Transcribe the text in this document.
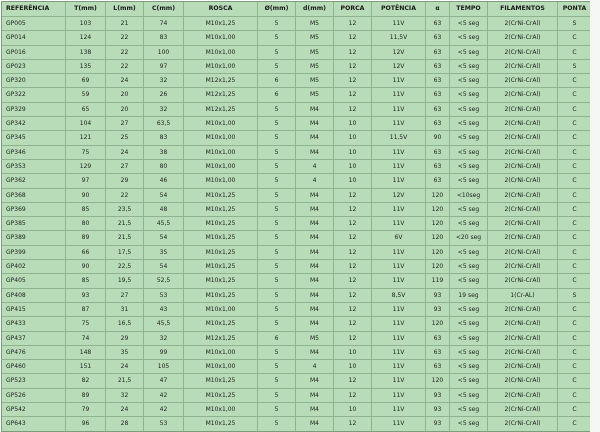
REFERÊNCIA	T(mm)	L(mm)	C(mm)	ROSCA	Ø(mm)	d(mm)	PORCA	POTÊNCIA	α	TEMPO	FILAMENTOS	PONTA
GP005	103	21	74	M10x1,25	5	M5	12	11V	63	<5 seg	2(CrNi-CrAl)	S
GP014	124	22	83	M10x1,00	5	M5	12	11,5V	63	<5 seg	2(CrNi-CrAl)	C
GP016	138	22	100	M10x1,00	5	M5	12	12V	63	<5 seg	2(CrNi-CrAl)	C
GP023	135	22	97	M10x1,00	5	M5	12	12V	63	<5 seg	2(CrNi-CrAl)	S
GP320	69	24	32	M12x1,25	6	M5	12	11V	63	<5 seg	2(CrNi-CrAl)	C
GP322	59	20	26	M12x1,25	6	M5	12	11V	63	<5 seg	2(CrNi-CrAl)	C
GP329	65	20	32	M12x1,25	5	M4	12	11V	63	<5 seg	2(CrNi-CrAl)	C
GP342	104	27	63,5	M10x1,00	5	M4	10	11V	63	<5 seg	2(CrNi-CrAl)	C
GP345	121	25	83	M10x1,00	5	M4	10	11,5V	90	<5 seg	2(CrNi-CrAl)	C
GP346	75	24	38	M10x1,00	5	M4	10	11V	63	<5 seg	2(CrNi-CrAl)	C
GP353	129	27	80	M10x1,00	5	4	10	11V	63	<5 seg	2(CrNi-CrAl)	C
GP362	97	29	46	M10x1,00	5	4	10	11V	63	<5 seg	2(CrNi-CrAl)	C
GP368	90	22	54	M10x1,25	5	M4	12	12V	120	<10seg	2(CrNi-CrAl)	C
GP369	85	23,5	48	M10x1,25	5	M4	12	11V	120	<5 seg	2(CrNi-CrAl)	C
GP385	80	21,5	45,5	M10x1,25	5	M4	12	11V	120	<5 seg	2(CrNi-CrAl)	C
GP389	89	21,5	54	M10x1,25	5	M4	12	6V	120	<20 seg	2(CrNi-CrAl)	C
GP399	66	17,5	35	M10x1,25	5	M4	12	11V	120	<5 seg	2(CrNi-CrAl)	C
GP402	90	22,5	54	M10x1,25	5	M4	12	11V	120	<5 seg	2(CrNi-CrAl)	C
GP405	85	19,5	52,5	M10x1,25	5	M4	12	11V	119	<5 seg	2(CrNi-CrAl)	C
GP408	93	27	53	M10x1,25	5	M4	12	8,5V	93	19 seg	1(Cr-AL)	S
GP415	87	31	43	M10x1,00	5	M4	12	11V	93	<5 seg	2(CrNi-CrAl)	C
GP433	75	16,5	45,5	M10x1,25	5	M4	12	11V	120	<5 seg	2(CrNi-CrAl)	C
GP437	74	29	32	M12x1,25	6	M5	12	11V	63	<5 seg	2(CrNi-CrAl)	C
GP476	148	35	99	M10x1,00	5	M4	10	11V	63	<5 seg	2(CrNi-CrAl)	C
GP460	151	24	105	M10x1,00	5	4	10	11V	63	<5 seg	2(CrNi-CrAl)	C
GP523	82	21,5	47	M10x1,25	5	M4	12	11V	120	<5 seg	2(CrNi-CrAl)	C
GP526	89	32	42	M10x1,25	5	M4	12	11V	93	<5 seg	2(CrNi-CrAl)	C
GP542	79	24	42	M10x1,00	5	M4	10	11V	93	<5 seg	2(CrNi-CrAl)	C
GP643	96	28	53	M10x1,25	5	M4	12	11V	93	<5 seg	2(CrNi-CrAl)	C
